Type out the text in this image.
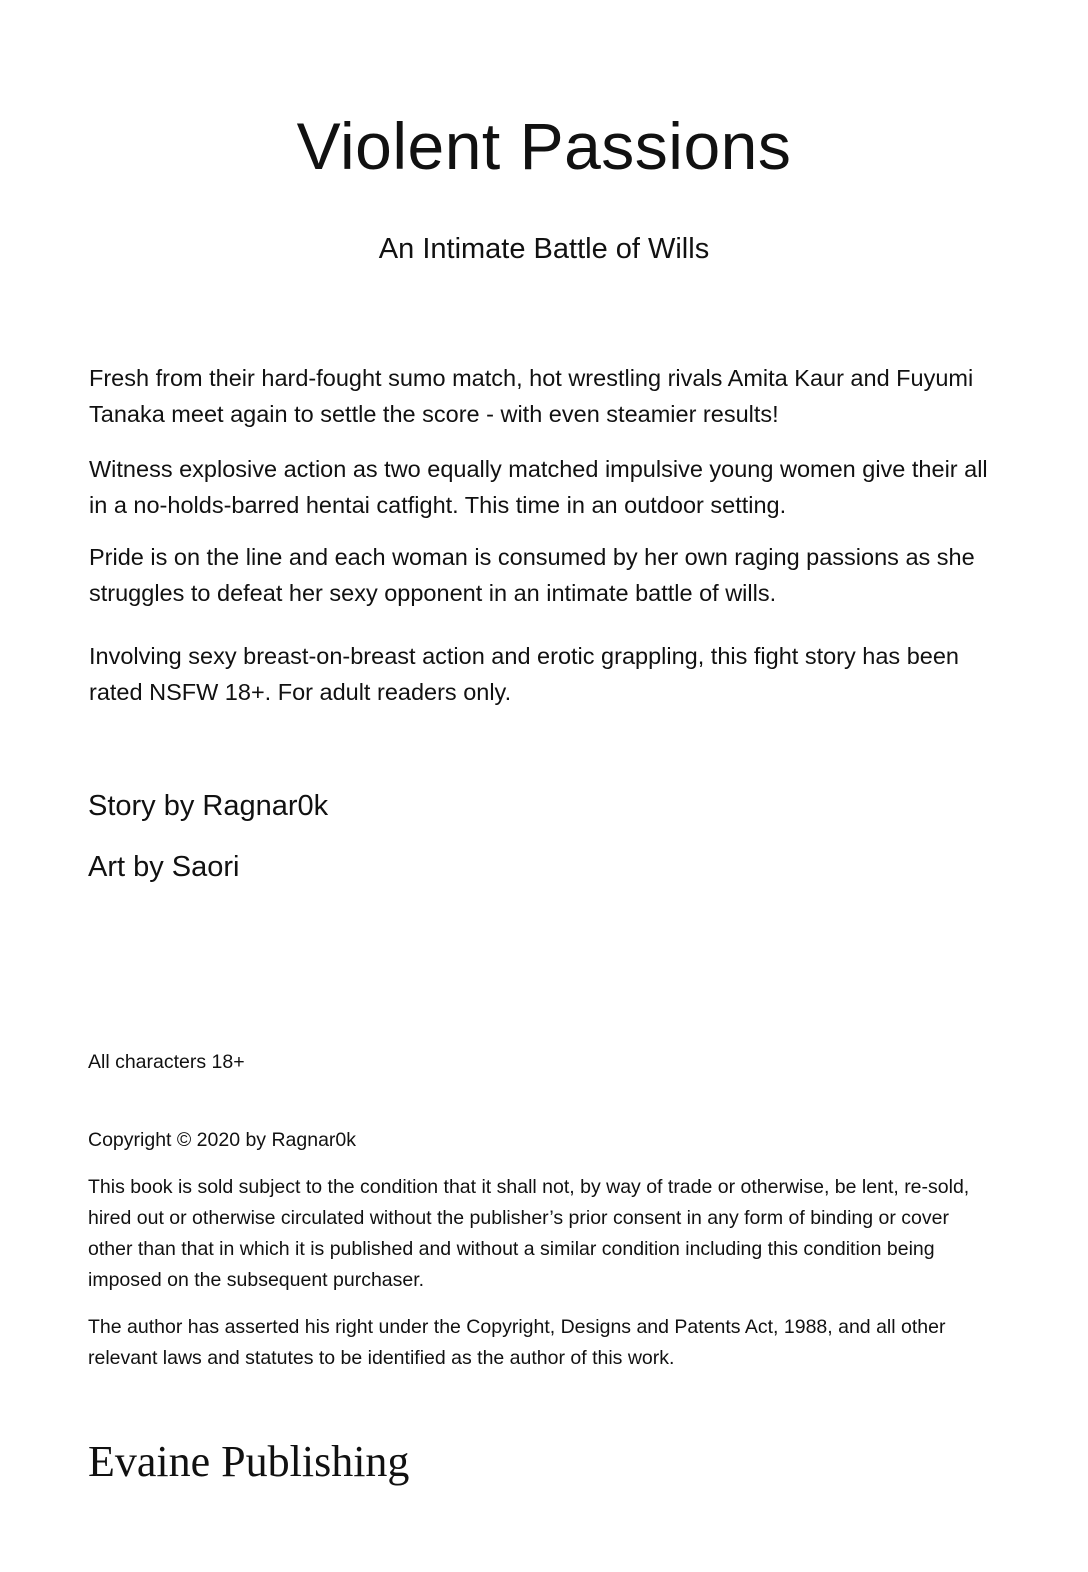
Violent Passions
An Intimate Battle of Wills

Fresh from their hard-fought sumo match, hot wrestling rivals Amita Kaur and Fuyumi Tanaka meet again to settle the score - with even steamier results!

Witness explosive action as two equally matched impulsive young women give their all in a no-holds-barred hentai catfight. This time in an outdoor setting.

Pride is on the line and each woman is consumed by her own raging passions as she struggles to defeat her sexy opponent in an intimate battle of wills.

Involving sexy breast-on-breast action and erotic grappling, this fight story has been rated NSFW 18+. For adult readers only.

Story by Ragnar0k
Art by Saori

All characters 18+

Copyright © 2020 by Ragnar0k

This book is sold subject to the condition that it shall not, by way of trade or otherwise, be lent, re-sold, hired out or otherwise circulated without the publisher’s prior consent in any form of binding or cover other than that in which it is published and without a similar condition including this condition being imposed on the subsequent purchaser.

The author has asserted his right under the Copyright, Designs and Patents Act, 1988, and all other relevant laws and statutes to be identified as the author of this work.

Evaine Publishing
